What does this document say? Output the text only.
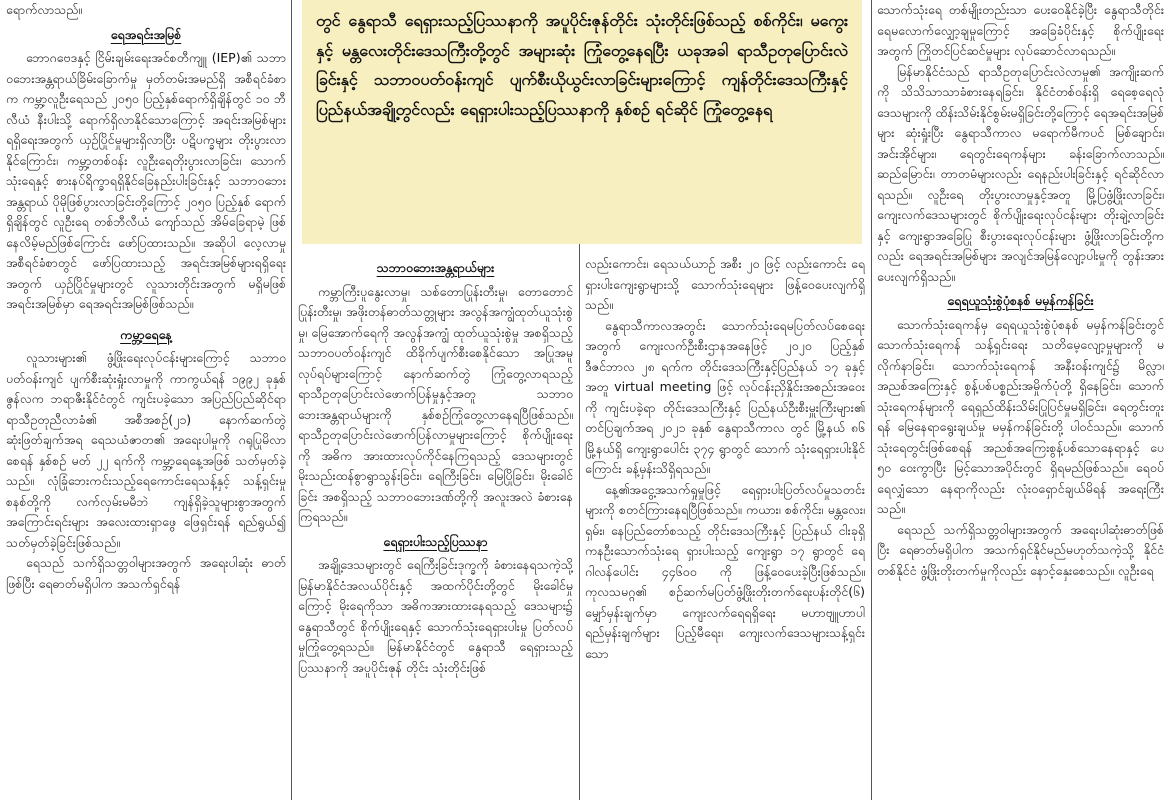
ရောက်လာသည်။
ရေအရင်းအမြစ်
ဘောဂဗေဒနှင့် ငြိမ်းချမ်းရေးအင်စတီကျူ (IEP)၏ သဘာဝဘေးအန္တရာယ်ခြိမ်းခြောက်မှု မှတ်တမ်းအမည်ရှိ အစီရင်ခံစာက ကမ္ဘာ့လူဦးရေသည် ၂၀၅၀ ပြည့်နှစ်ရောက်ရှိချိန်တွင် ၁၀ ဘီလီယံ နီးပါးသို့ ရောက်ရှိလာနိုင်သောကြောင့် အရင်းအမြစ်များရရှိရေးအတွက် ယှဉ်ပြိုင်မှုများရှိလာပြီး ပဋိပက္ခများ တိုးပွားလာနိုင်ကြောင်း၊ ကမ္ဘာ့တစ်ဝန်း လူဦးရေတိုးပွားလာခြင်း၊ သောက်သုံးရေနှင့် စားနပ်ရိက္ခာရရှိနိုင်ခြေနည်းပါးခြင်းနှင့် သဘာဝဘေး အန္တရာယ် ပိုမိုဖြစ်ပွားလာခြင်းတို့ကြောင့် ၂၀၅၀ ပြည့်နှစ် ရောက်ရှိချိန်တွင် လူဦးရေ တစ်ဘီလီယံ ကျော်သည် အိမ်ခြေရာမဲ့ ဖြစ်နေလိမ့်မည်ဖြစ်ကြောင်း ဖော်ပြထားသည်။ အဆိုပါ လေ့လာမှုအစီရင်ခံစာတွင် ဖော်ပြထားသည့် အရင်းအမြစ်များရရှိရေးအတွက် ယှဉ်ပြိုင်မှုများတွင် လူသားတိုင်းအတွက် မရှိမဖြစ် အရင်းအမြစ်မှာ ရေအရင်းအမြစ်ဖြစ်သည်။
ကမ္ဘာ့ရေနေ့
လူသားများ၏ ဖွံ့ဖြိုးရေးလုပ်ငန်းများကြောင့် သဘာဝပတ်ဝန်းကျင် ပျက်စီးဆုံးရှုံးလာမှုကို ကာကွယ်ရန် ၁၉၉၂ ခုနှစ် ဇွန်လက ဘရာဇီးနိုင်ငံတွင် ကျင်းပခဲ့သော အပြည်ပြည်ဆိုင်ရာ ရာသီဥတုညီလာခံ၏ အစီအစဉ်(၂၁) နောက်ဆက်တွဲ ဆုံးဖြတ်ချက်အရ ရေသယံဇာတ၏ အရေးပါမှုကို ဂရုပြုမိလာစေရန် နှစ်စဉ် မတ် ၂၂ ရက်ကို ကမ္ဘာ့ရေနေ့အဖြစ် သတ်မှတ်ခဲ့သည်။ လုံခြုံဘေးကင်းသည့်ရေကောင်းရေသန့်နှင့် သန့်ရှင်းမှုစနစ်တို့ကို လက်လှမ်းမမီဘဲ ကျန်ရှိခဲ့သူများစွာအတွက် အကြောင်းရင်းများ အလေးထားရှာဖွေ ဖြေရှင်းရန် ရည်ရွယ်၍ သတ်မှတ်ခဲ့ခြင်းဖြစ်သည်။
ရေသည် သက်ရှိသတ္တဝါများအတွက် အရေးပါဆုံး ဓာတ်ဖြစ်ပြီး ရေဓာတ်မရှိပါက အသက်ရှင်ရန်
တွင် နွေရာသီ ရေရှားသည့်ပြဿနာကို အပူပိုင်းဇုန်တိုင်း သုံးတိုင်းဖြစ်သည့် စစ်ကိုင်း၊ မကွေးနှင့် မန္တလေးတိုင်းဒေသကြီးတို့တွင် အများဆုံး ကြုံတွေ့နေရပြီး ယခုအခါ ရာသီဥတုပြောင်းလဲခြင်းနှင့် သဘာဝပတ်ဝန်းကျင် ပျက်စီးယိုယွင်းလာခြင်းများကြောင့် ကျန်တိုင်းဒေသကြီးနှင့် ပြည်နယ်အချို့တွင်လည်း ရေရှားပါးသည့်ပြဿနာကို နှစ်စဉ် ရင်ဆိုင် ကြုံတွေ့နေရ
သဘာဝဘေးအန္တရာယ်များ
ကမ္ဘာကြီးပူနွေးလာမှု၊ သစ်တောပြုန်းတီးမှု၊ တောတောင်ပြုန်းတီးမှု၊ အဖိုးတန်ဓာတ်သတ္တုများ အလွန်အကျွံထုတ်ယူသုံးစွဲမှု၊ မြေအောက်ရေကို အလွန်အကျွံ ထုတ်ယူသုံးစွဲမှု အစရှိသည့် သဘာဝပတ်ဝန်းကျင် ထိခိုက်ပျက်စီးစေနိုင်သော အပြုအမူလုပ်ရပ်များကြောင့် နောက်ဆက်တွဲ ကြုံတွေ့လာရသည့် ရာသီဥတုပြောင်းလဲဖောက်ပြန်မှုနှင့်အတူ သဘာဝဘေးအန္တရာယ်များကို နှစ်စဉ်ကြုံတွေ့လာနေရပြီဖြစ်သည်။ ရာသီဥတုပြောင်းလဲဖောက်ပြန်လာမှုများကြောင့် စိုက်ပျိုးရေးကို အဓိက အားထားလုပ်ကိုင်နေကြရသည့် ဒေသများတွင် မိုးသည်းထန်စွာရွာသွန်းခြင်း၊ ရေကြီးခြင်း၊ မြေပြိုခြင်း၊ မိုးခေါင်ခြင်း အစရှိသည့် သဘာဝဘေးဒဏ်တို့ကို အလူးအလဲ ခံစားနေကြရသည်။
ရေရှားပါးသည့်ပြဿနာ
အချို့ဒေသများတွင် ရေကြီးခြင်းဒုက္ခကို ခံစားနေရသကဲ့သို့ မြန်မာနိုင်ငံအလယ်ပိုင်းနှင့် အထက်ပိုင်းတို့တွင် မိုးခေါင်မှုကြောင့် မိုးရေကိုသာ အဓိကအားထားနေရသည့် ဒေသများ၌ နွေရာသီတွင် စိုက်ပျိုးရေနှင့် သောက်သုံးရေရှားပါးမှု ပြတ်လပ်မှုကြုံတွေ့ရသည်။ မြန်မာနိုင်ငံတွင် နွေရာသီ ရေရှားသည့်ပြဿနာကို အပူပိုင်းဇုန် တိုင်း သုံးတိုင်းဖြစ်
လည်းကောင်း၊ ရေသယ်ယာဉ် အစီး ၂၀ ဖြင့် လည်းကောင်း ရေရှားပါးကျေးရွာများသို့ သောက်သုံးရေများ ဖြန့်ဝေပေးလျက်ရှိသည်။
နွေရာသီကာလအတွင်း သောက်သုံးရေမပြတ်လပ်စေရေးအတွက် ကျေးလက်ဦးစီးဌာနအနေဖြင့် ၂၀၂၀ ပြည့်နှစ် ဒီဇင်ဘာလ ၂၈ ရက်က တိုင်းဒေသကြီးနှင့်ပြည်နယ် ၁၇ ခုနှင့်အတူ virtual meeting ဖြင့် လုပ်ငန်းညှိနှိုင်းအစည်းအဝေးကို ကျင်းပခဲ့ရာ တိုင်းဒေသကြီးနှင့် ပြည်နယ်ဦးစီးမှူးကြီးများ၏ တင်ပြချက်အရ ၂၀၂၁ ခုနှစ် နွေရာသီကာလ တွင် မြို့နယ် ၈၆ မြို့နယ်ရှိ ကျေးရွာပေါင်း ၃၇၄ ရွာတွင် သောက် သုံးရေရှားပါးနိုင်ကြောင်း ခန့်မှန်းသိရှိရသည်။
နေ့၏အငွေ့အသက်ရှုမှုဖြင့် ရေရှားပါးပြတ်လပ်မှုသတင်းများကို စတင်ကြားနေရပြီဖြစ်သည်။ ကယား၊ စစ်ကိုင်း၊ မန္တလေး၊ ရှမ်း၊ နေပြည်တော်စသည့် တိုင်းဒေသကြီးနှင့် ပြည်နယ် ငါးခုရှိ ကနဦးသောက်သုံးရေ ရှားပါးသည့် ကျေးရွာ ၁၇ ရွာတွင် ရေဂါလန်ပေါင်း ၄၄၆၀၀ ကို ဖြန့်ဝေပေးခဲ့ပြီးဖြစ်သည်။ ကုလသမဂ္ဂ၏ စဉ်ဆက်မပြတ်ဖွံ့ဖြိုးတိုးတက်ရေးပန်းတိုင်(၆) မျှော်မှန်းချက်မှာ ကျေးလက်ရေရရှိရေး မဟာဗျူဟာပါ ရည်မှန်းချက်များ ပြည့်မီရေး၊ ကျေးလက်ဒေသများသန့်ရှင်းသော
သောက်သုံးရေ တစ်မျိုးတည်းသာ ပေးဝေနိုင်ခဲ့ပြီး နွေရာသီတိုင်း ရေမလောက်လျှော့ချမှုကြောင့် အခြေခံပိုင်းနှင့် စိုက်ပျိုးရေးအတွက် ကြိုတင်ပြင်ဆင်မှုများ လုပ်ဆောင်လာရသည်။
မြန်မာနိုင်ငံသည် ရာသီဥတုပြောင်းလဲလာမှု၏ အကျိုးဆက်ကို သိသိသာသာခံစားနေရခြင်း၊ နိုင်ငံတစ်ဝန်းရှိ ရေစေ့ရေလုံဒေသများကို ထိန်းသိမ်းနိုင်စွမ်းမရှိခြင်းတို့ကြောင့် ရေအရင်းအမြစ်များ ဆုံးရှုံးပြီး နွေရာသီကာလ မရောက်မီကပင် မြစ်ချောင်း၊ အင်းအိုင်များ၊ ရေတွင်းရေကန်များ ခန်းခြောက်လာသည်။ ဆည်မြောင်း၊ တာတမံများလည်း ရေနည်းပါးခြင်းနှင့် ရင်ဆိုင်လာရသည်။ လူဦးရေ တိုးပွားလာမှုနှင့်အတူ မြို့ပြဖွံ့ဖြိုးလာခြင်း၊ ကျေးလက်ဒေသများတွင် စိုက်ပျိုးရေးလုပ်ငန်းများ တိုးချဲ့လာခြင်းနှင့် ကျေးရွာအခြေပြု စီးပွားရေးလုပ်ငန်းများ ဖွံ့ဖြိုးလာခြင်းတို့ကလည်း ရေအရင်းအမြစ်များ အလျင်အမြန်လျော့ပါးမှုကို တွန်းအားပေးလျက်ရှိသည်။
ရေရယူသုံးစွဲပုံစနစ် မမှန်ကန်ခြင်း
သောက်သုံးရေကန်မှ ရေရယူသုံးစွဲပုံစနစ် မမှန်ကန်ခြင်းတွင် သောက်သုံးရေကန် သန့်ရှင်းရေး သတိမေ့လျော့မှုများကို မလိုက်နာခြင်း၊ သောက်သုံးရေကန် အနီးဝန်းကျင်၌ မိလ္လာ၊ အညစ်အကြေးနှင့် စွန့်ပစ်ပစ္စည်းအမှိုက်ပုံတို့ ရှိနေခြင်း၊ သောက်သုံးရေကန်များကို ရေရှည်ထိန်းသိမ်းပြုပြင်မှုမရှိခြင်း၊ ရေတွင်းတူးရန် မြေနေရာရွေးချယ်မှု မမှန်ကန်ခြင်းတို့ ပါဝင်သည်။ သောက်သုံးရေတွင်းဖြစ်စေရန် အညစ်အကြေးစွန့်ပစ်သောနေရာနှင့် ပေ ၅၀ ဝေးကွာပြီး မြင့်သောအပိုင်းတွင် ရှိရမည်ဖြစ်သည်။ ရေဝပ်ရေလျှံသော နေရာကိုလည်း လုံးဝရှောင်ချယ်မိရန် အရေးကြီးသည်။
ရေသည် သက်ရှိသတ္တဝါများအတွက် အရေးပါဆုံးဓာတ်ဖြစ်ပြီး ရေဓာတ်မရှိပါက အသက်ရှင်နိုင်မည်မဟုတ်သကဲ့သို့ နိုင်ငံတစ်နိုင်ငံ ဖွံ့ဖြိုးတိုးတက်မှုကိုလည်း နောင့်နှေးစေသည်။ လူဦးရေ
